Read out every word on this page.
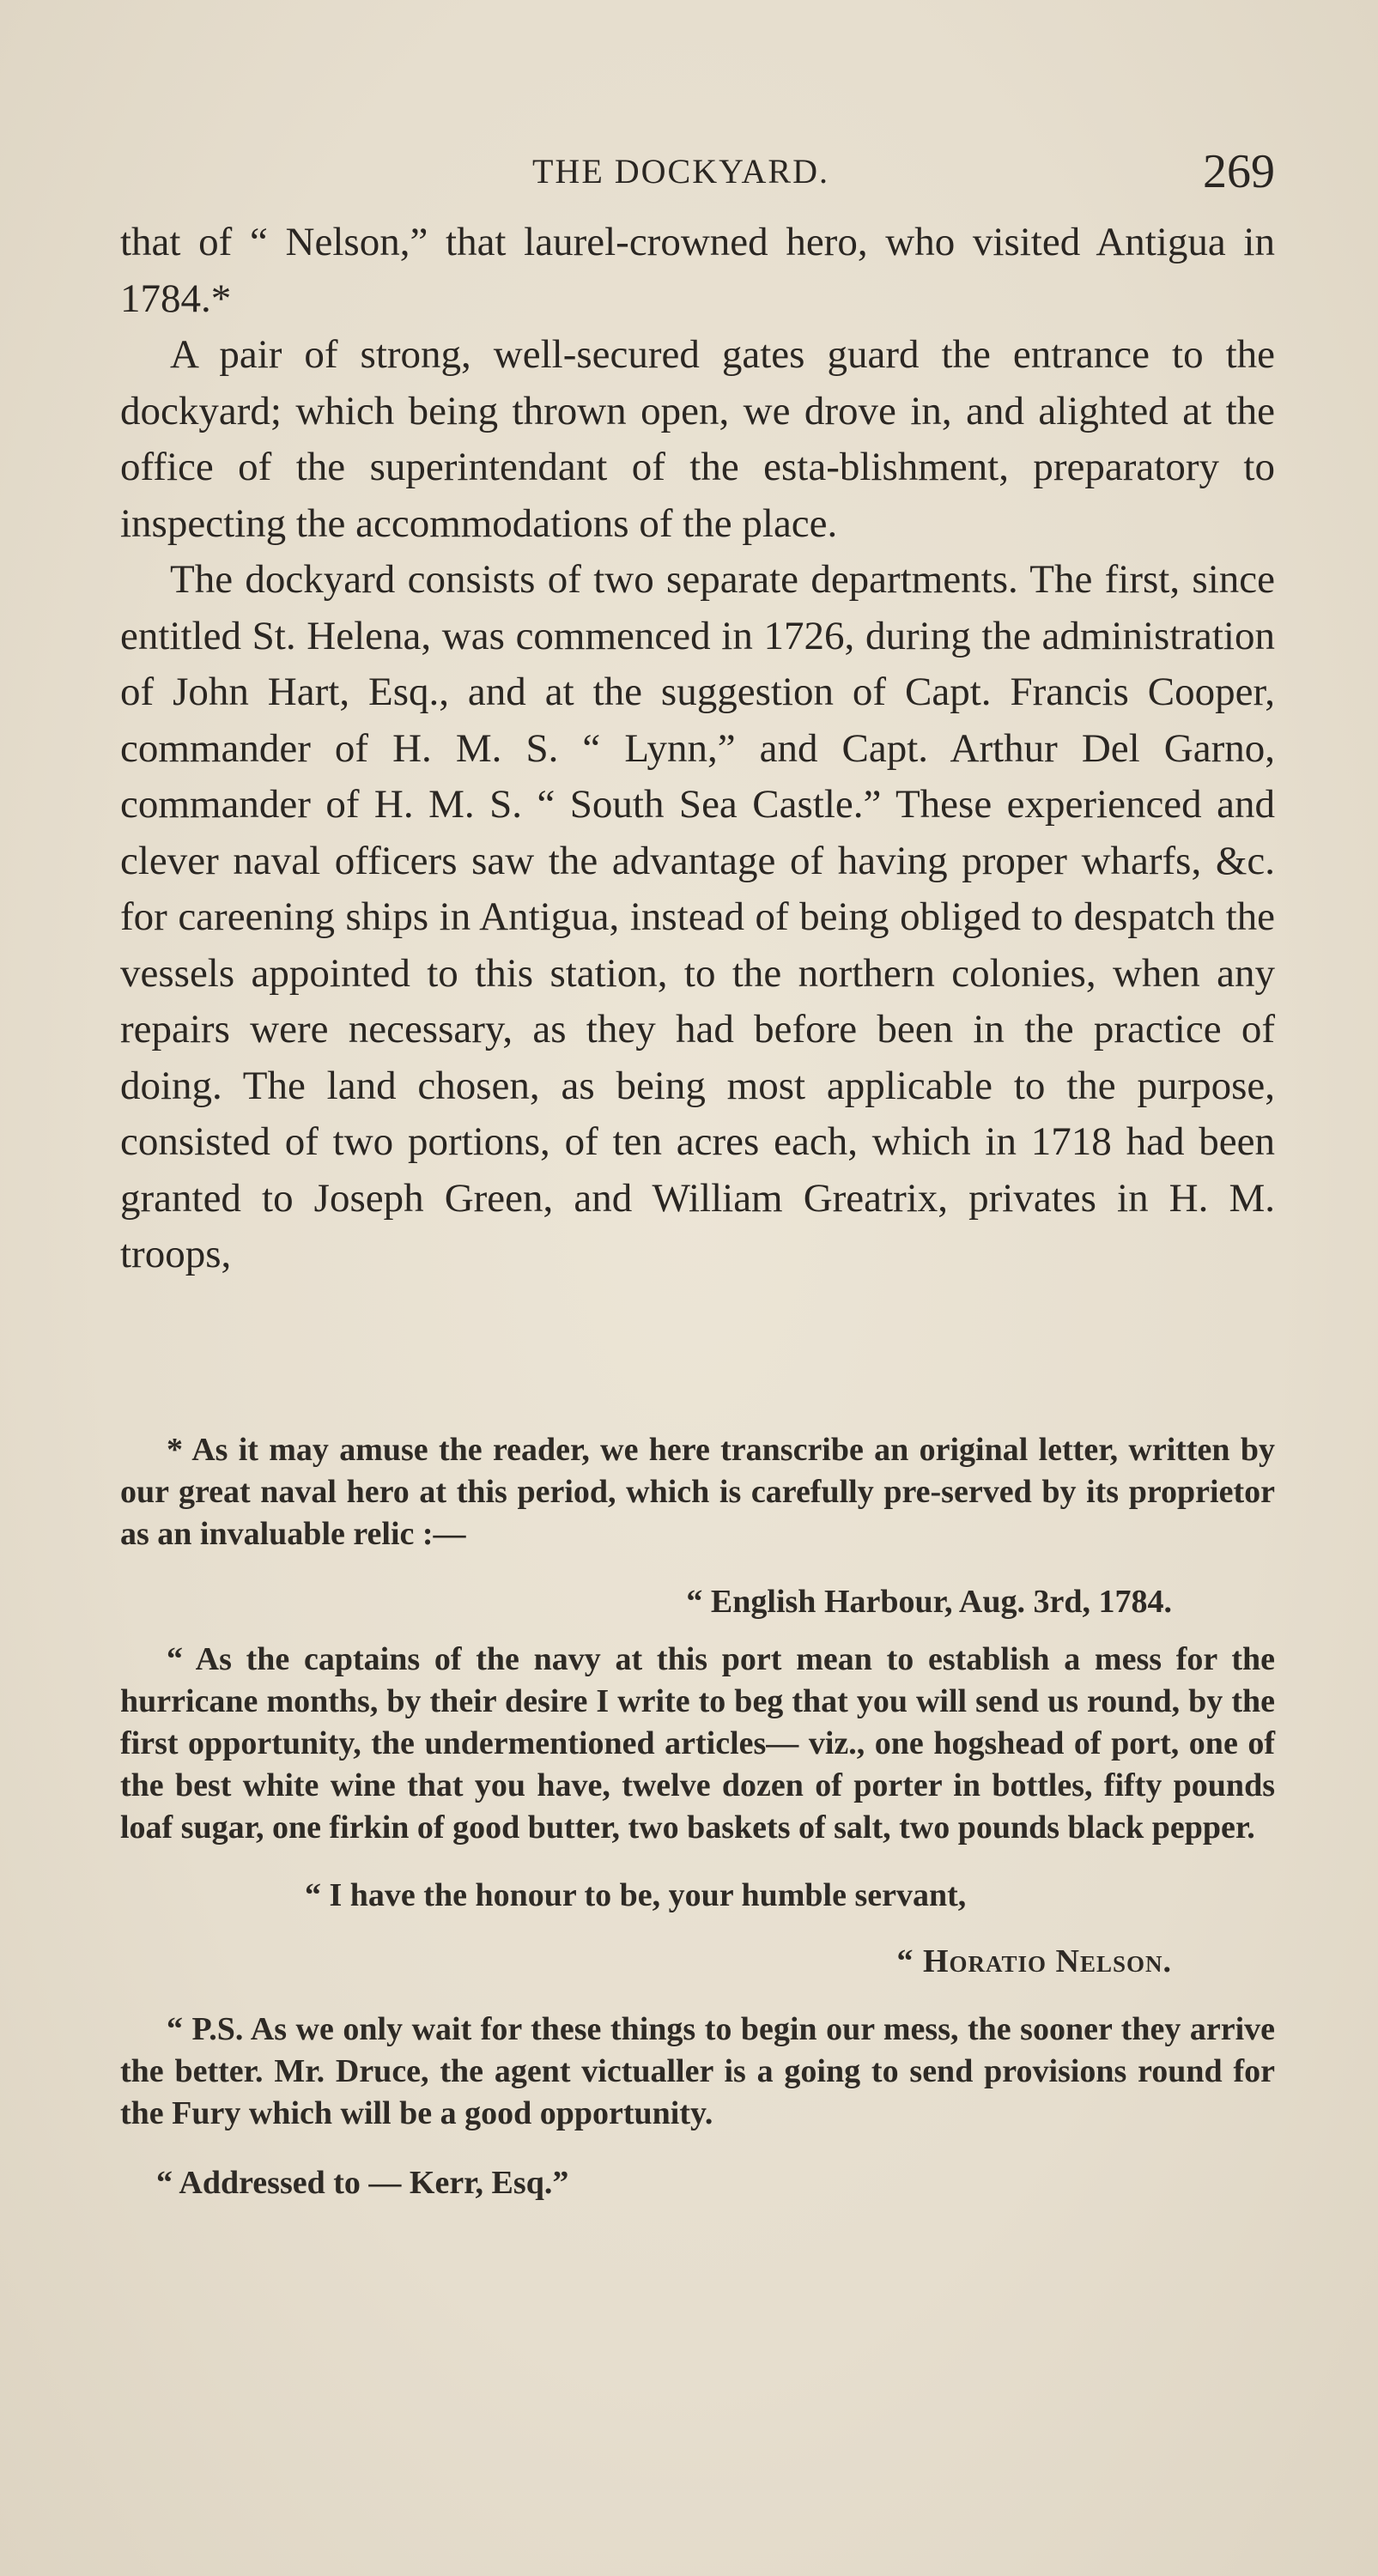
THE DOCKYARD.	269

that of “ Nelson,” that laurel-crowned hero, who visited Antigua in 1784.*

A pair of strong, well-secured gates guard the entrance to the dockyard; which being thrown open, we drove in, and alighted at the office of the superintendant of the esta-blishment, preparatory to inspecting the accommodations of the place.

The dockyard consists of two separate departments. The first, since entitled St. Helena, was commenced in 1726, during the administration of John Hart, Esq., and at the suggestion of Capt. Francis Cooper, commander of H. M. S. “ Lynn,” and Capt. Arthur Del Garno, commander of H. M. S. “ South Sea Castle.” These experienced and clever naval officers saw the advantage of having proper wharfs, &c. for careening ships in Antigua, instead of being obliged to despatch the vessels appointed to this station, to the northern colonies, when any repairs were necessary, as they had before been in the practice of doing. The land chosen, as being most applicable to the purpose, consisted of two portions, of ten acres each, which in 1718 had been granted to Joseph Green, and William Greatrix, privates in H. M. troops,

* As it may amuse the reader, we here transcribe an original letter, written by our great naval hero at this period, which is carefully pre-served by its proprietor as an invaluable relic :—

“ English Harbour, Aug. 3rd, 1784.

“ As the captains of the navy at this port mean to establish a mess for the hurricane months, by their desire I write to beg that you will send us round, by the first opportunity, the undermentioned articles— viz., one hogshead of port, one of the best white wine that you have, twelve dozen of porter in bottles, fifty pounds loaf sugar, one firkin of good butter, two baskets of salt, two pounds black pepper.

“ I have the honour to be, your humble servant,

“ Horatio Nelson.

“ P.S. As we only wait for these things to begin our mess, the sooner they arrive the better. Mr. Druce, the agent victualler is a going to send provisions round for the Fury which will be a good opportunity.

“ Addressed to — Kerr, Esq.”
